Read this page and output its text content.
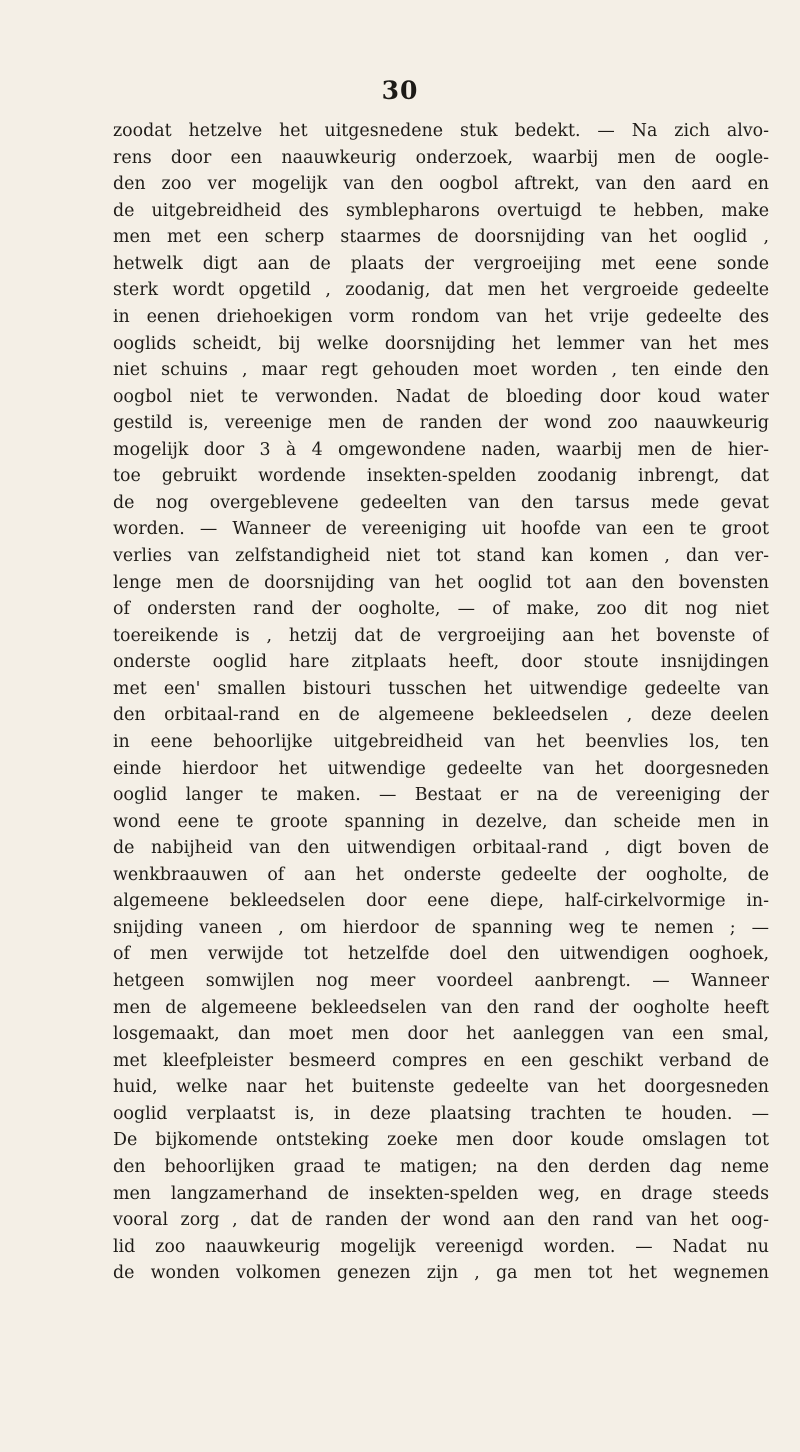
30
zoodat hetzelve het uitgesnedene stuk bedekt. — Na zich alvo-
rens door een naauwkeurig onderzoek, waarbij men de oogle-
den zoo ver mogelijk van den oogbol aftrekt, van den aard en
de uitgebreidheid des symblepharons overtuigd te hebben, make
men met een scherp staarmes de doorsnijding van het ooglid ,
hetwelk digt aan de plaats der vergroeijing met eene sonde
sterk wordt opgetild , zoodanig, dat men het vergroeide gedeelte
in eenen driehoekigen vorm rondom van het vrije gedeelte des
ooglids scheidt, bij welke doorsnijding het lemmer van het mes
niet schuins , maar regt gehouden moet worden , ten einde den
oogbol niet te verwonden. Nadat de bloeding door koud water
gestild is, vereenige men de randen der wond zoo naauwkeurig
mogelijk door 3 à 4 omgewondene naden, waarbij men de hier-
toe gebruikt wordende insekten-spelden zoodanig inbrengt, dat
de nog overgeblevene gedeelten van den tarsus mede gevat
worden. — Wanneer de vereeniging uit hoofde van een te groot
verlies van zelfstandigheid niet tot stand kan komen , dan ver-
lenge men de doorsnijding van het ooglid tot aan den bovensten
of ondersten rand der oogholte, — of make, zoo dit nog niet
toereikende is , hetzij dat de vergroeijing aan het bovenste of
onderste ooglid hare zitplaats heeft, door stoute insnijdingen
met een' smallen bistouri tusschen het uitwendige gedeelte van
den orbitaal-rand en de algemeene bekleedselen , deze deelen
in eene behoorlijke uitgebreidheid van het beenvlies los, ten
einde hierdoor het uitwendige gedeelte van het doorgesneden
ooglid langer te maken. — Bestaat er na de vereeniging der
wond eene te groote spanning in dezelve, dan scheide men in
de nabijheid van den uitwendigen orbitaal-rand , digt boven de
wenkbraauwen of aan het onderste gedeelte der oogholte, de
algemeene bekleedselen door eene diepe, half-cirkelvormige in-
snijding vaneen , om hierdoor de spanning weg te nemen ; —
of men verwijde tot hetzelfde doel den uitwendigen ooghoek,
hetgeen somwijlen nog meer voordeel aanbrengt. — Wanneer
men de algemeene bekleedselen van den rand der oogholte heeft
losgemaakt, dan moet men door het aanleggen van een smal,
met kleefpleister besmeerd compres en een geschikt verband de
huid, welke naar het buitenste gedeelte van het doorgesneden
ooglid verplaatst is, in deze plaatsing trachten te houden. —
De bijkomende ontsteking zoeke men door koude omslagen tot
den behoorlijken graad te matigen; na den derden dag neme
men langzamerhand de insekten-spelden weg, en drage steeds
vooral zorg , dat de randen der wond aan den rand van het oog-
lid zoo naauwkeurig mogelijk vereenigd worden. — Nadat nu
de wonden volkomen genezen zijn , ga men tot het wegnemen
